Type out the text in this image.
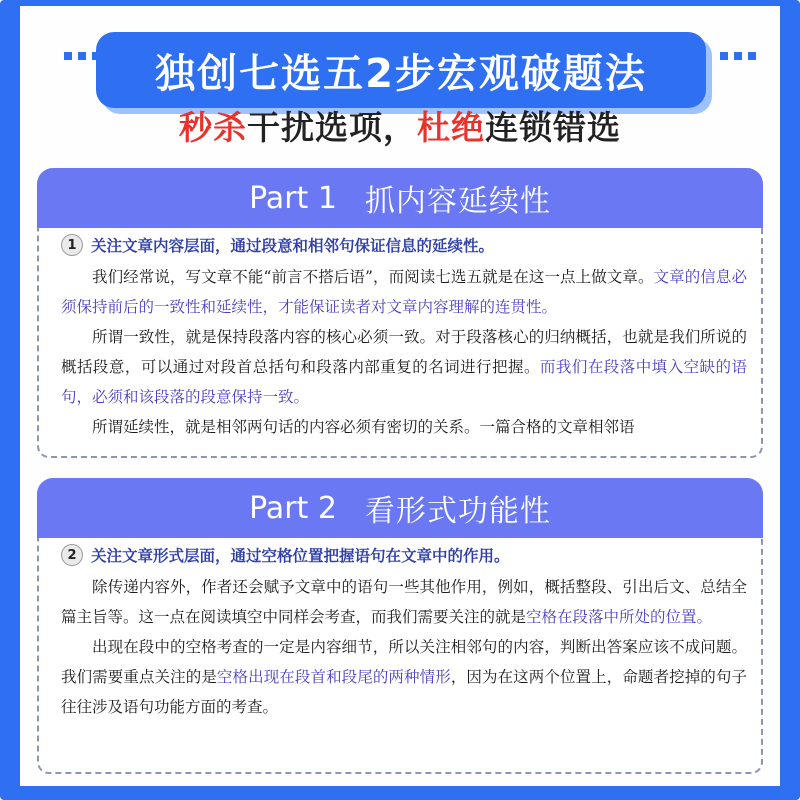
独创七选五2步宏观破题法
秒杀干扰选项，杜绝连锁错选
1 关注文章内容层面，通过段意和相邻句保证信息的延续性。

我们经常说，写文章不能“前言不搭后语”，而阅读七选五就是在这一点上做文章。文章的信息必须保持前后的一致性和延续性，才能保证读者对文章内容理解的连贯性。

所谓一致性，就是保持段落内容的核心必须一致。对于段落核心的归纳概括，也就是我们所说的概括段意，可以通过对段首总括句和段落内部重复的名词进行把握。而我们在段落中填入空缺的语句，必须和该段落的段意保持一致。

所谓延续性，就是相邻两句话的内容必须有密切的关系。一篇合格的文章相邻语

Part 1 抓内容延续性
2 关注文章形式层面，通过空格位置把握语句在文章中的作用。

除传递内容外，作者还会赋予文章中的语句一些其他作用，例如，概括整段、引出后文、总结全篇主旨等。这一点在阅读填空中同样会考查，而我们需要关注的就是空格在段落中所处的位置。

出现在段中的空格考查的一定是内容细节，所以关注相邻句的内容，判断出答案应该不成问题。我们需要重点关注的是空格出现在段首和段尾的两种情形，因为在这两个位置上，命题者挖掉的句子往往涉及语句功能方面的考查。

Part 2 看形式功能性
